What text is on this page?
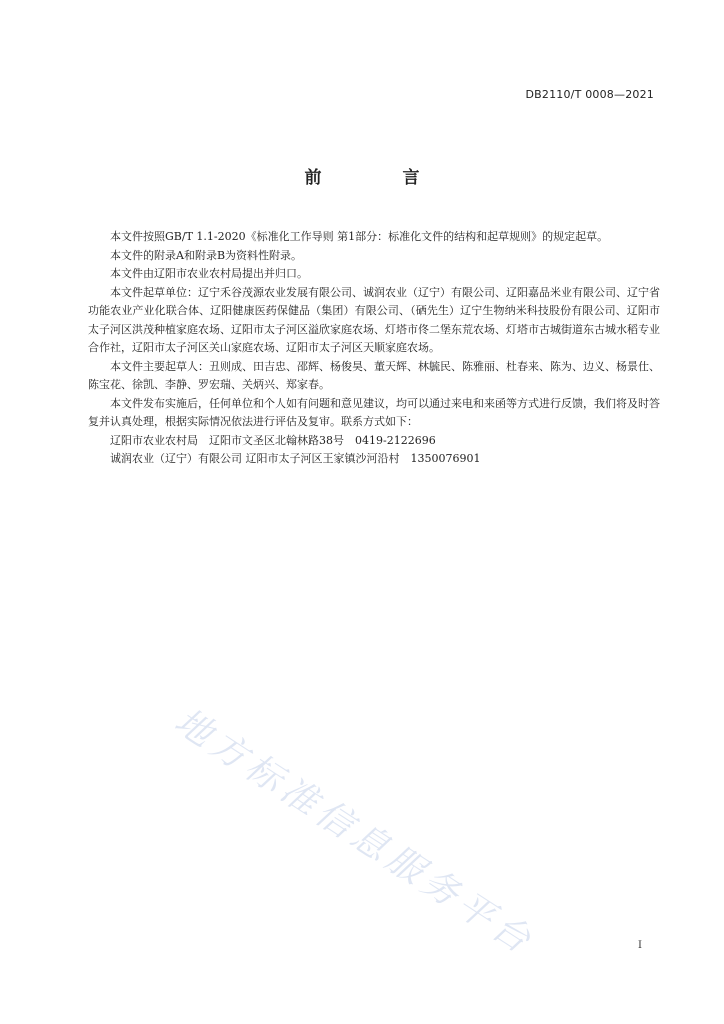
DB2110/T 0008—2021
前　言

本文件按照GB/T 1.1-2020《标准化工作导则 第1部分：标准化文件的结构和起草规则》的规定起草。

本文件的附录A和附录B为资料性附录。

本文件由辽阳市农业农村局提出并归口。

本文件起草单位：辽宁禾谷茂源农业发展有限公司、诚润农业（辽宁）有限公司、辽阳嘉品米业有限公司、辽宁省功能农业产业化联合体、辽阳健康医药保健品（集团）有限公司、（硒先生）辽宁生物纳米科技股份有限公司、辽阳市太子河区洪茂种植家庭农场、辽阳市太子河区溢欣家庭农场、灯塔市佟二堡东荒农场、灯塔市古城街道东古城水稻专业合作社，辽阳市太子河区关山家庭农场、辽阳市太子河区天顺家庭农场。

本文件主要起草人：丑则成、田吉忠、邵辉、杨俊昊、董天辉、林毓民、陈雅丽、杜春来、陈为、边义、杨景仕、陈宝花、徐凯、李静、罗宏瑞、关炳兴、郑家春。

本文件发布实施后，任何单位和个人如有问题和意见建议，均可以通过来电和来函等方式进行反馈，我们将及时答复并认真处理，根据实际情况依法进行评估及复审。联系方式如下：

辽阳市农业农村局　辽阳市文圣区北翰林路38号　0419-2122696

诚润农业（辽宁）有限公司 辽阳市太子河区王家镇沙河沿村　1350076901

地方标准信息服务平台	I
